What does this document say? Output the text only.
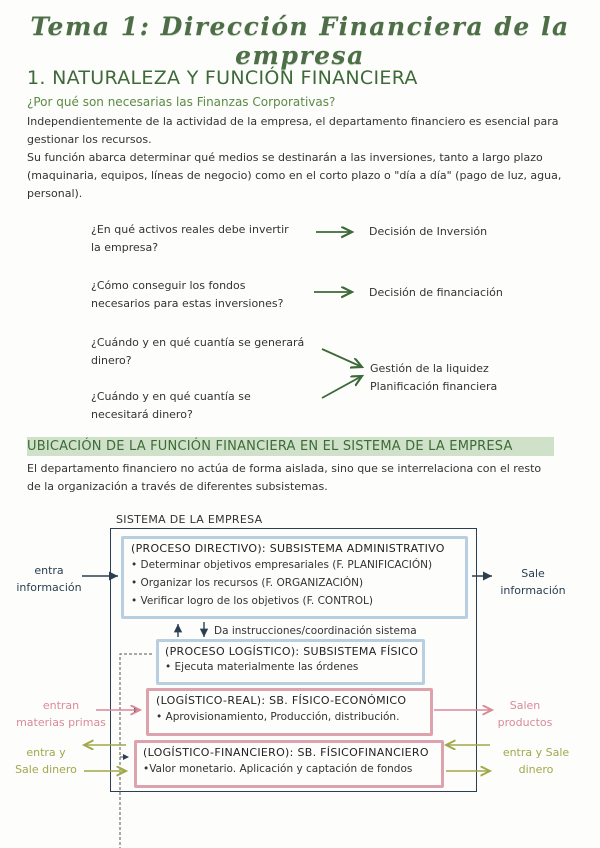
Tema 1: Dirección Financiera de la empresa
1. NATURALEZA Y FUNCIÓN FINANCIERA
¿Por qué son necesarias las Finanzas Corporativas?
Independientemente de la actividad de la empresa, el departamento financiero es esencial para
gestionar los recursos.
Su función abarca determinar qué medios se destinarán a las inversiones, tanto a largo plazo
(maquinaria, equipos, líneas de negocio) como en el corto plazo o "día a día" (pago de luz, agua,
personal).
¿En qué activos reales debe invertir
la empresa?
Decisión de Inversión
¿Cómo conseguir los fondos
necesarios para estas inversiones?
Decisión de financiación
¿Cuándo y en qué cuantía se generará
dinero?
¿Cuándo y en qué cuantía se
necesitará dinero?
Gestión de la liquidez
Planificación financiera
UBICACIÓN DE LA FUNCIÓN FINANCIERA EN EL SISTEMA DE LA EMPRESA
El departamento financiero no actúa de forma aislada, sino que se interrelaciona con el resto
de la organización a través de diferentes subsistemas.
SISTEMA DE LA EMPRESA
(PROCESO DIRECTIVO): SUBSISTEMA ADMINISTRATIVO
• Determinar objetivos empresariales (F. PLANIFICACIÓN)
• Organizar los recursos (F. ORGANIZACIÓN)
• Verificar logro de los objetivos (F. CONTROL)
Da instrucciones/coordinación sistema
(PROCESO LOGÍSTICO): SUBSISTEMA FÍSICO
• Ejecuta materialmente las órdenes
(LOGÍSTICO-REAL): SB. FÍSICO-ECONÓMICO
• Aprovisionamiento, Producción, distribución.
(LOGÍSTICO-FINANCIERO): SB. FÍSICOFINANCIERO
•Valor monetario. Aplicación y captación de fondos
entra
información
Sale
información
entran
materias primas
Salen
productos
entra y
Sale dinero
entra y Sale
dinero
